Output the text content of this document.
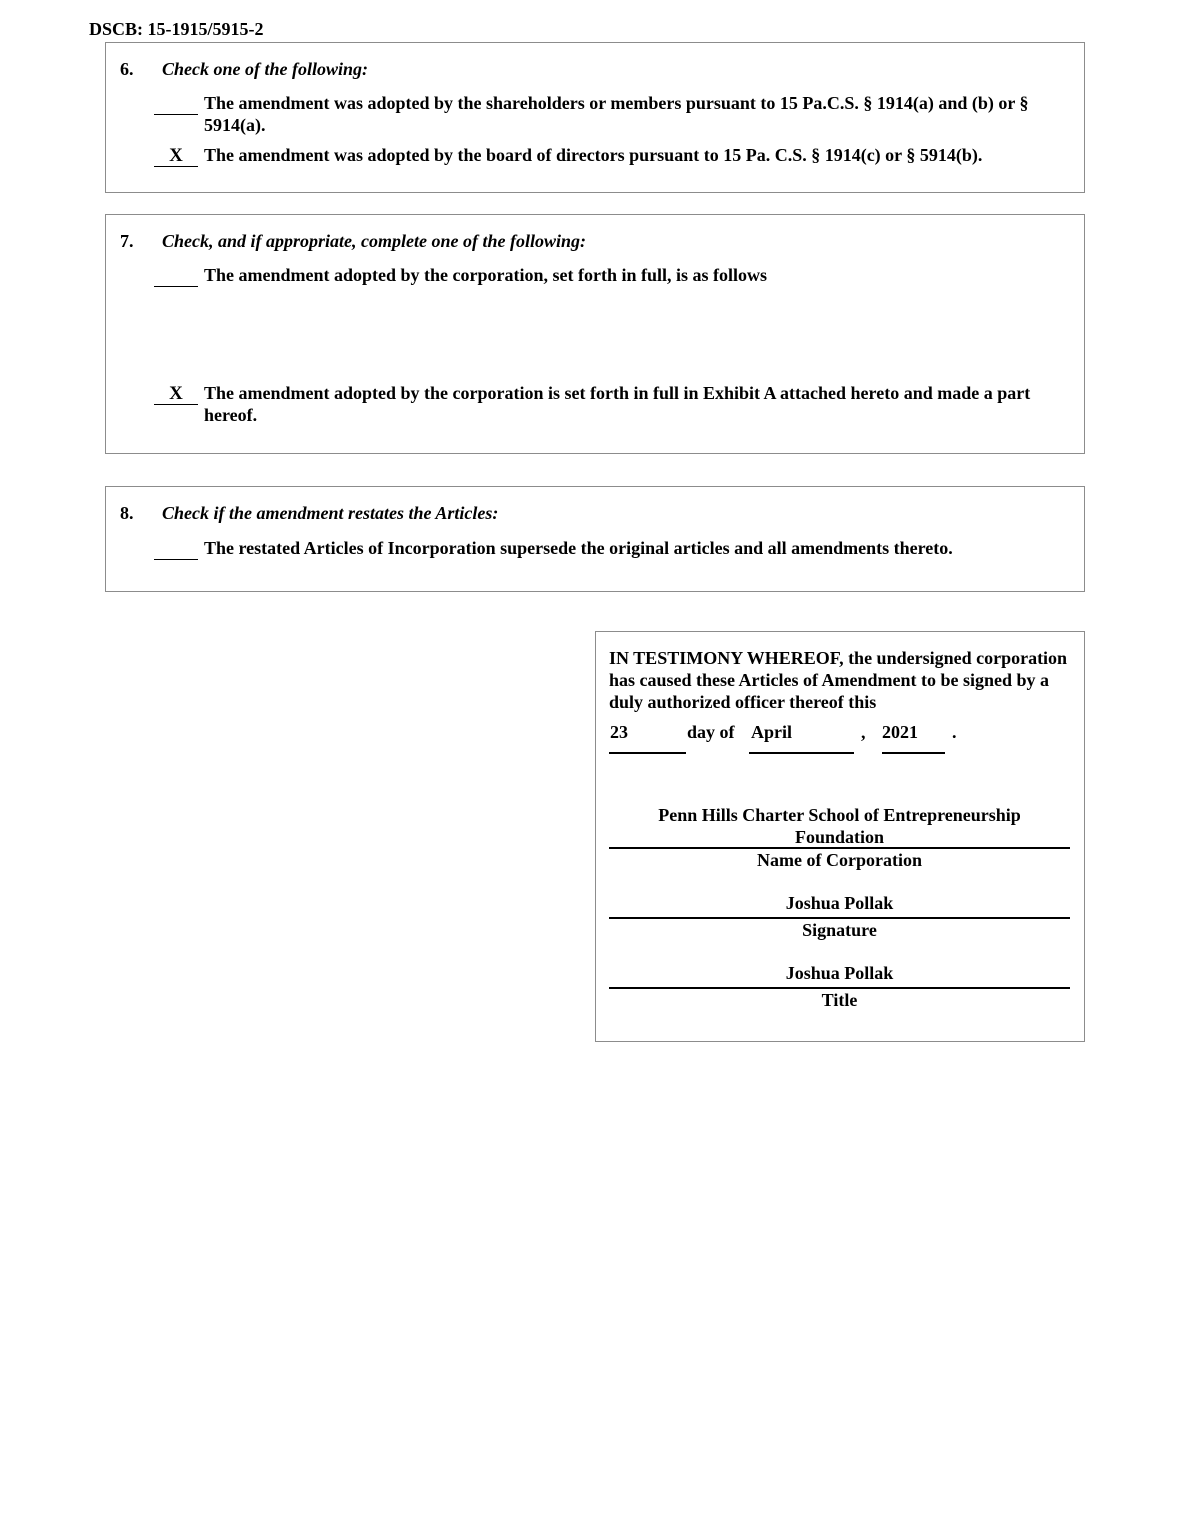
DSCB: 15-1915/5915-2
6. Check one of the following:
The amendment was adopted by the shareholders or members pursuant to 15 Pa.C.S. § 1914(a) and (b) or § 5914(a).
X	The amendment was adopted by the board of directors pursuant to 15 Pa. C.S. § 1914(c) or § 5914(b).
7. Check, and if appropriate, complete one of the following:
The amendment adopted by the corporation, set forth in full, is as follows
X	The amendment adopted by the corporation is set forth in full in Exhibit A attached hereto and made a part hereof.
8. Check if the amendment restates the Articles:
The restated Articles of Incorporation supersede the original articles and all amendments thereto.
IN TESTIMONY WHEREOF, the undersigned corporation has caused these Articles of Amendment to be signed by a duly authorized officer thereof this
23	day of April	, 2021 .
Penn Hills Charter School of Entrepreneurship Foundation
Name of Corporation
Joshua Pollak
Signature
Joshua Pollak
Title
